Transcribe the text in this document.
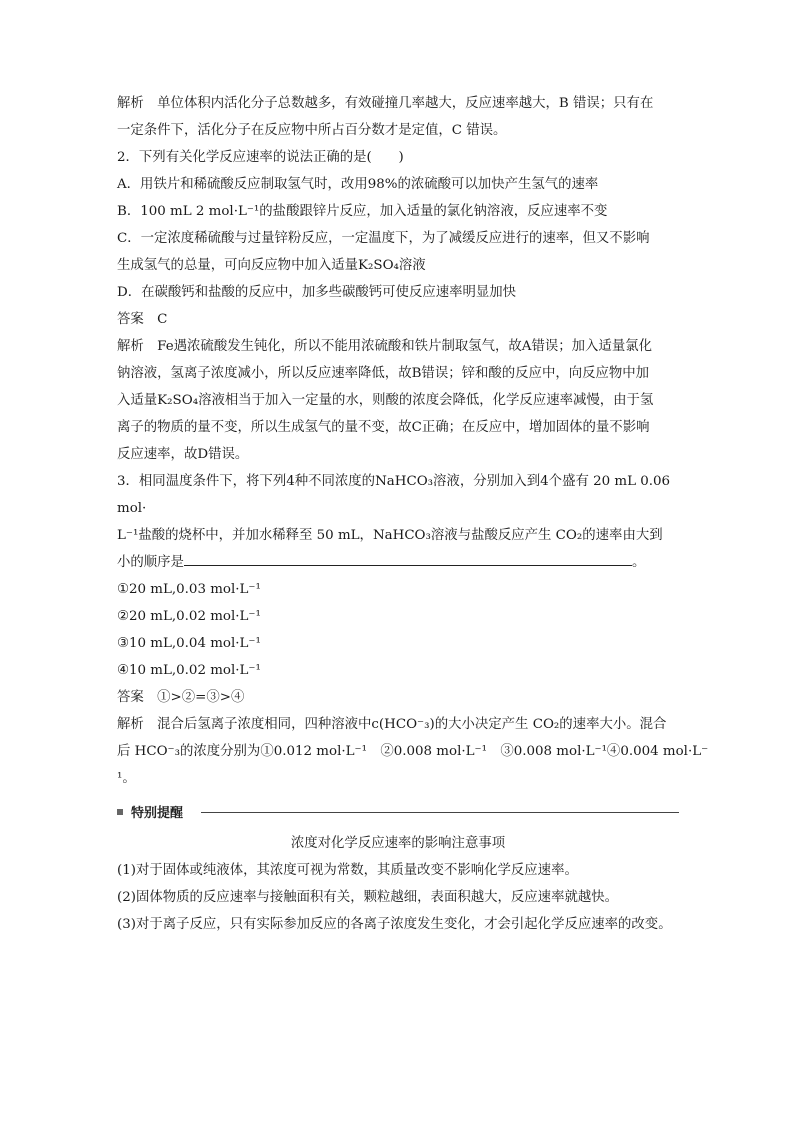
解析　单位体积内活化分子总数越多，有效碰撞几率越大，反应速率越大，B 错误；只有在
一定条件下，活化分子在反应物中所占百分数才是定值，C 错误。
2．下列有关化学反应速率的说法正确的是(　　)
A．用铁片和稀硫酸反应制取氢气时，改用98%的浓硫酸可以加快产生氢气的速率
B．100 mL 2 mol·L⁻¹的盐酸跟锌片反应，加入适量的氯化钠溶液，反应速率不变
C．一定浓度稀硫酸与过量锌粉反应，一定温度下，为了减缓反应进行的速率，但又不影响
生成氢气的总量，可向反应物中加入适量K₂SO₄溶液
D．在碳酸钙和盐酸的反应中，加多些碳酸钙可使反应速率明显加快
答案　C
解析　Fe遇浓硫酸发生钝化，所以不能用浓硫酸和铁片制取氢气，故A错误；加入适量氯化
钠溶液，氢离子浓度减小，所以反应速率降低，故B错误；锌和酸的反应中，向反应物中加
入适量K₂SO₄溶液相当于加入一定量的水，则酸的浓度会降低，化学反应速率减慢，由于氢
离子的物质的量不变，所以生成氢气的量不变，故C正确；在反应中，增加固体的量不影响
反应速率，故D错误。
3．相同温度条件下，将下列4种不同浓度的NaHCO₃溶液，分别加入到4个盛有 20 mL 0.06
mol·
L⁻¹盐酸的烧杯中，并加水稀释至 50 mL，NaHCO₃溶液与盐酸反应产生 CO₂的速率由大到
小的顺序是	。
①20 mL,0.03 mol·L⁻¹
②20 mL,0.02 mol·L⁻¹
③10 mL,0.04 mol·L⁻¹
④10 mL,0.02 mol·L⁻¹
答案　①>②=③>④
解析　混合后氢离子浓度相同，四种溶液中c(HCO⁻₃)的大小决定产生 CO₂的速率大小。混合
后 HCO⁻₃的浓度分别为①0.012 mol·L⁻¹　②0.008 mol·L⁻¹　③0.008 mol·L⁻¹④0.004 mol·L⁻
¹。
特别提醒
浓度对化学反应速率的影响注意事项
(1)对于固体或纯液体，其浓度可视为常数，其质量改变不影响化学反应速率。
(2)固体物质的反应速率与接触面积有关，颗粒越细，表面积越大，反应速率就越快。
(3)对于离子反应，只有实际参加反应的各离子浓度发生变化，才会引起化学反应速率的改变。
